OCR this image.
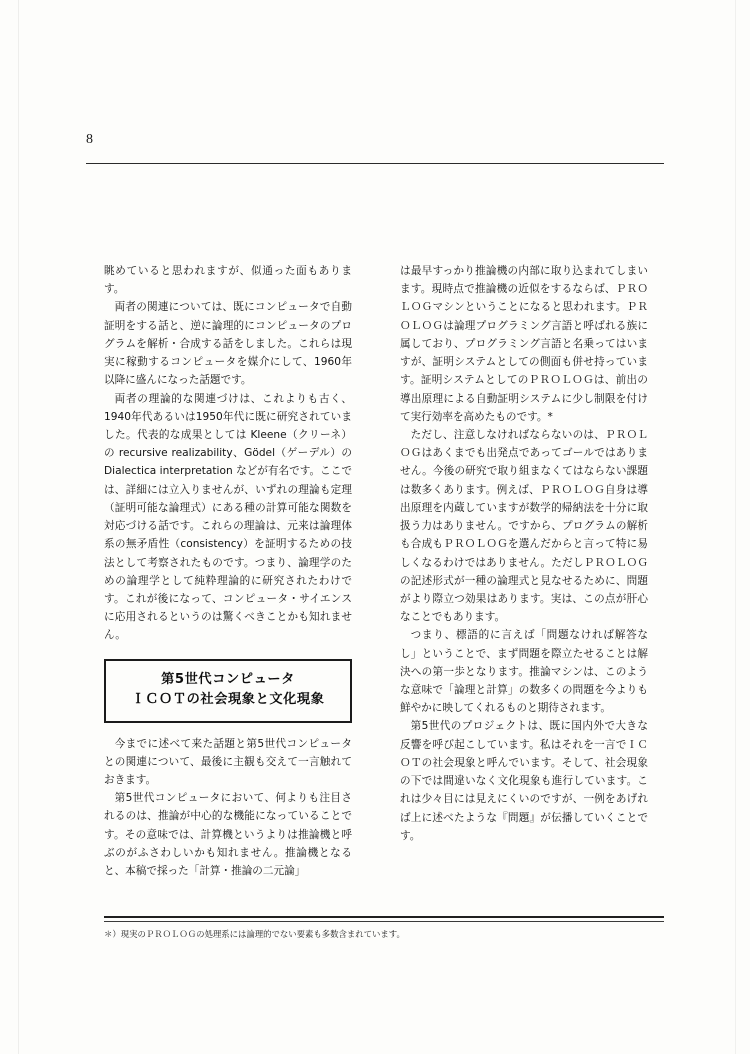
8

眺めていると思われますが、似通った面もあります。

両者の関連については、既にコンピュータで自動証明をする話と、逆に論理的にコンピュータのプログラムを解析・合成する話をしました。これらは現実に稼動するコンピュータを媒介にして、1960年以降に盛んになった話題です。

両者の理論的な関連づけは、これよりも古く、1940年代あるいは1950年代に既に研究されていました。代表的な成果としては Kleene（クリーネ）の recursive realizability、Gödel（ゲーデル）の Dialectica interpretation などが有名です。ここでは、詳細には立入りませんが、いずれの理論も定理（証明可能な論理式）にある種の計算可能な関数を対応づける話です。これらの理論は、元来は論理体系の無矛盾性（consistency）を証明するための技法として考察されたものです。つまり、論理学のための論理学として純粋理論的に研究されたわけです。これが後になって、コンピュータ・サイエンスに応用されるというのは驚くべきことかも知れません。

第5世代コンピュータ
ＩＣＯＴの社会現象と文化現象

今までに述べて来た話題と第5世代コンピュータとの関連について、最後に主観も交えて一言触れておきます。

第5世代コンピュータにおいて、何よりも注目されるのは、推論が中心的な機能になっていることです。その意味では、計算機というよりは推論機と呼ぶのがふさわしいかも知れません。推論機となると、本稿で採った「計算・推論の二元論」

は最早すっかり推論機の内部に取り込まれてしまいます。現時点で推論機の近似をするならば、ＰＲＯＬＯＧマシンということになると思われます。ＰＲＯＬＯＧは論理プログラミング言語と呼ばれる族に属しており、プログラミング言語と名乗ってはいますが、証明システムとしての側面も併せ持っています。証明システムとしてのＰＲＯＬＯＧは、前出の導出原理による自動証明システムに少し制限を付けて実行効率を高めたものです。*

ただし、注意しなければならないのは、ＰＲＯＬＯＧはあくまでも出発点であってゴールではありません。今後の研究で取り組まなくてはならない課題は数多くあります。例えば、ＰＲＯＬＯＧ自身は導出原理を内蔵していますが数学的帰納法を十分に取扱う力はありません。ですから、プログラムの解析も合成もＰＲＯＬＯＧを選んだからと言って特に易しくなるわけではありません。ただしＰＲＯＬＯＧの記述形式が一種の論理式と見なせるために、問題がより際立つ効果はあります。実は、この点が肝心なことでもあります。

つまり、標語的に言えば「問題なければ解答なし」ということで、まず問題を際立たせることは解決への第一歩となります。推論マシンは、このような意味で「論理と計算」の数多くの問題を今よりも鮮やかに映してくれるものと期待されます。

第5世代のプロジェクトは、既に国内外で大きな反響を呼び起こしています。私はそれを一言でＩＣＯＴの社会現象と呼んでいます。そして、社会現象の下では間違いなく文化現象も進行しています。これは少々目には見えにくいのですが、一例をあげれば上に述べたような『問題』が伝播していくことです。

＊）現実のＰＲＯＬＯＧの処理系には論理的でない要素も多数含まれています。
